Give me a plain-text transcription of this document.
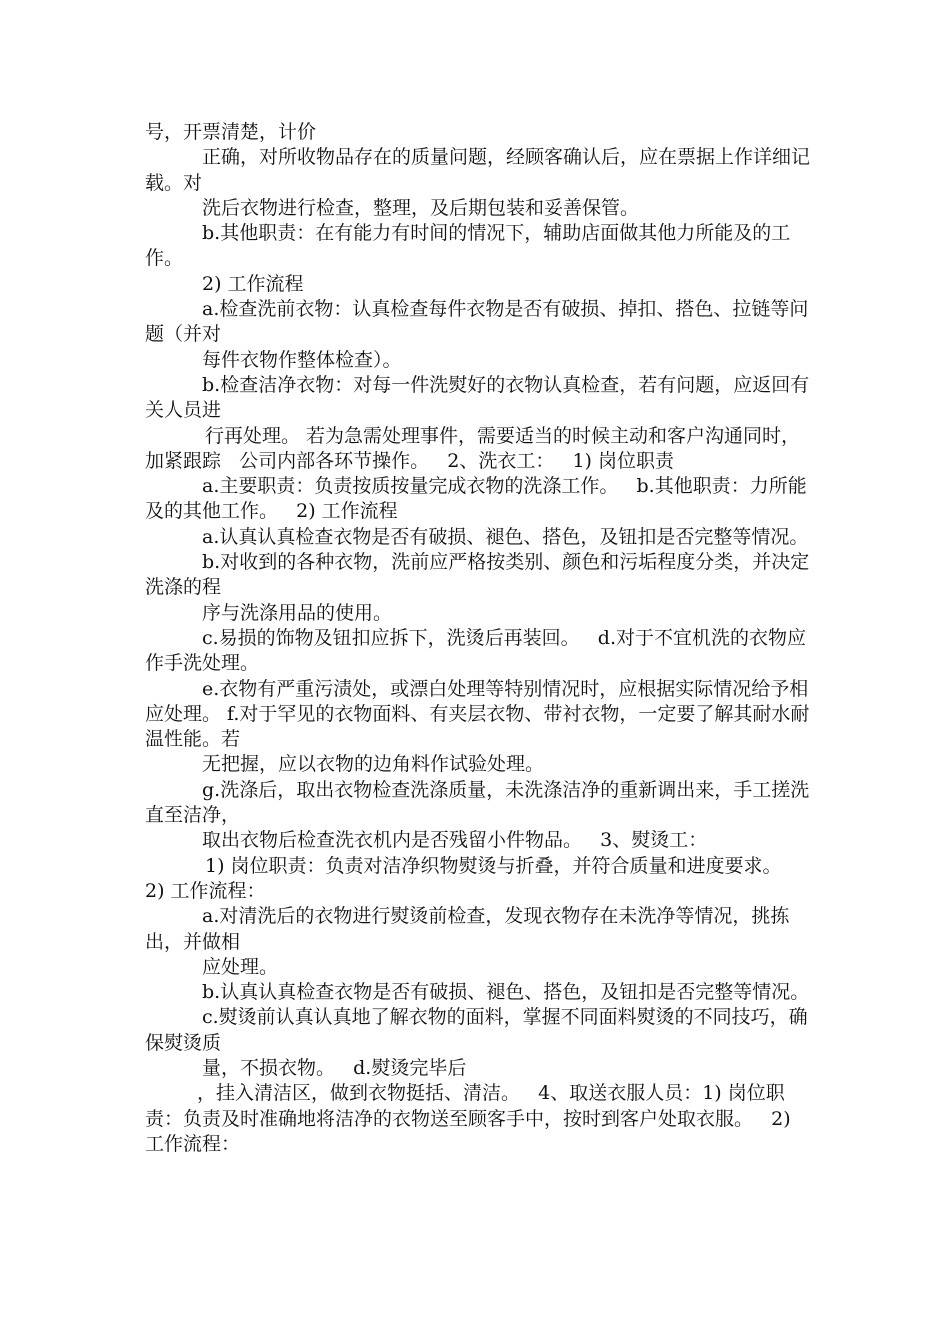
号，开票清楚，计价

正确，对所收物品存在的质量问题，经顾客确认后，应在票据上作详细记载。对

洗后衣物进行检查，整理，及后期包装和妥善保管。

b.其他职责：在有能力有时间的情况下，辅助店面做其他力所能及的工作。

2) 工作流程

a.检查洗前衣物：认真检查每件衣物是否有破损、掉扣、搭色、拉链等问题（并对

每件衣物作整体检查）。

b.检查洁净衣物：对每一件洗熨好的衣物认真检查，若有问题，应返回有关人员进

行再处理。 若为急需处理事件，需要适当的时候主动和客户沟通同时，加紧跟踪   公司内部各环节操作。   2、洗衣工：   1) 岗位职责

a.主要职责：负责按质按量完成衣物的洗涤工作。   b.其他职责：力所能及的其他工作。   2) 工作流程

a.认真认真检查衣物是否有破损、褪色、搭色，及钮扣是否完整等情况。

b.对收到的各种衣物，洗前应严格按类别、颜色和污垢程度分类，并决定洗涤的程

序与洗涤用品的使用。

c.易损的饰物及钮扣应拆下，洗烫后再装回。   d.对于不宜机洗的衣物应作手洗处理。

e.衣物有严重污渍处，或漂白处理等特别情况时，应根据实际情况给予相应处理。 f.对于罕见的衣物面料、有夹层衣物、带衬衣物，一定要了解其耐水耐温性能。若

无把握，应以衣物的边角料作试验处理。

g.洗涤后，取出衣物检查洗涤质量，未洗涤洁净的重新调出来，手工搓洗直至洁净，

取出衣物后检查洗衣机内是否残留小件物品。   3、熨烫工：

1) 岗位职责：负责对洁净织物熨烫与折叠，并符合质量和进度要求。   2) 工作流程：

a.对清洗后的衣物进行熨烫前检查，发现衣物存在未洗净等情况，挑拣出，并做相

应处理。

b.认真认真检查衣物是否有破损、褪色、搭色，及钮扣是否完整等情况。

c.熨烫前认真认真地了解衣物的面料，掌握不同面料熨烫的不同技巧，确保熨烫质

量，不损衣物。   d.熨烫完毕后

，挂入清洁区，做到衣物挺括、清洁。   4、取送衣服人员：1) 岗位职责：负责及时准确地将洁净的衣物送至顾客手中，按时到客户处取衣服。   2) 工作流程：
